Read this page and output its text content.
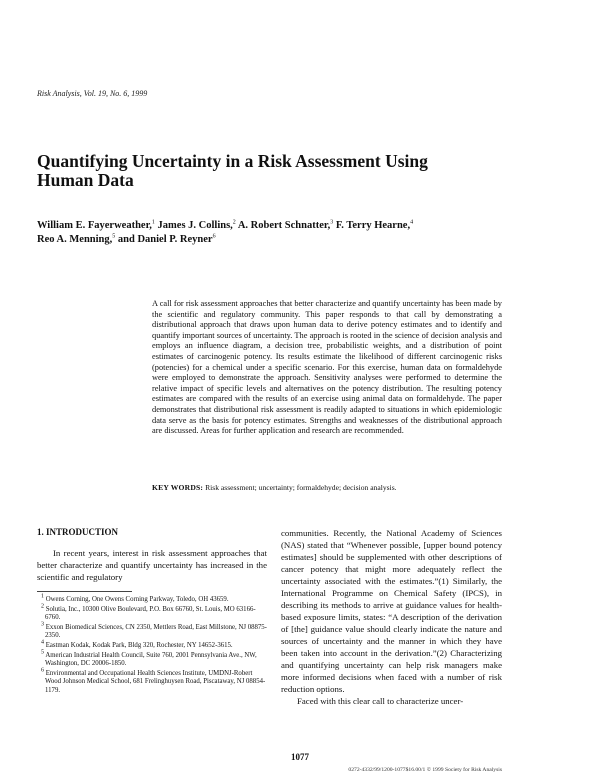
Risk Analysis, Vol. 19, No. 6, 1999
Quantifying Uncertainty in a Risk Assessment Using Human Data
William E. Fayerweather,$^1$ James J. Collins,$^2$ A. Robert Schnatter,$^3$ F. Terry Hearne,$^4$
Reo A. Menning,$^5$ and Daniel P. Reyner$^6$

A call for risk assessment approaches that better characterize and quantify uncertainty has been made by the scientific and regulatory community. This paper responds to that call by demonstrating a distributional approach that draws upon human data to derive potency estimates and to identify and quantify important sources of uncertainty. The approach is rooted in the science of decision analysis and employs an influence diagram, a decision tree, probabilistic weights, and a distribution of point estimates of carcinogenic potency. Its results estimate the likelihood of different carcinogenic risks (potencies) for a chemical under a specific scenario. For this exercise, human data on formaldehyde were employed to demonstrate the approach. Sensitivity analyses were performed to determine the relative impact of specific levels and alternatives on the potency distribution. The resulting potency estimates are compared with the results of an exercise using animal data on formaldehyde. The paper demonstrates that distributional risk assessment is readily adapted to situations in which epidemiologic data serve as the basis for potency estimates. Strengths and weaknesses of the distributional approach are discussed. Areas for further application and research are recommended.

KEY WORDS: Risk assessment; uncertainty; formaldehyde; decision analysis.
1. INTRODUCTION

In recent years, interest in risk assessment approaches that better characterize and quantify uncertainty has increased in the scientific and regulatory

$^1$ Owens Corning, One Owens Corning Parkway, Toledo, OH 43659.
$^2$ Solutia, Inc., 10300 Olive Boulevard, P.O. Box 66760, St. Louis, MO 63166-6760.
$^3$ Exxon Biomedical Sciences, CN 2350, Mettlers Road, East Millstone, NJ 08875-2350.
$^4$ Eastman Kodak, Kodak Park, Bldg 320, Rochester, NY 14652-3615.
$^5$ American Industrial Health Council, Suite 760, 2001 Pennsylvania Ave., NW, Washington, DC 20006-1850.
$^6$ Environmental and Occupational Health Sciences Institute, UMDNJ-Robert Wood Johnson Medical School, 681 Frelinghuysen Road, Piscataway, NJ 08854-1179.

communities. Recently, the National Academy of Sciences (NAS) stated that “Whenever possible, [upper bound potency estimates] should be supplemented with other descriptions of cancer potency that might more adequately reflect the uncertainty associated with the estimates.”(1) Similarly, the International Programme on Chemical Safety (IPCS), in describing its methods to arrive at guidance values for health-based exposure limits, states: “A description of the derivation of [the] guidance value should clearly indicate the nature and sources of uncertainty and the manner in which they have been taken into account in the derivation.”(2) Characterizing and quantifying uncertainty can help risk managers make more informed decisions when faced with a number of risk reduction options.

Faced with this clear call to characterize uncer-

1077
0272-4332/99/1200-1077$16.00/1 © 1999 Society for Risk Analysis
